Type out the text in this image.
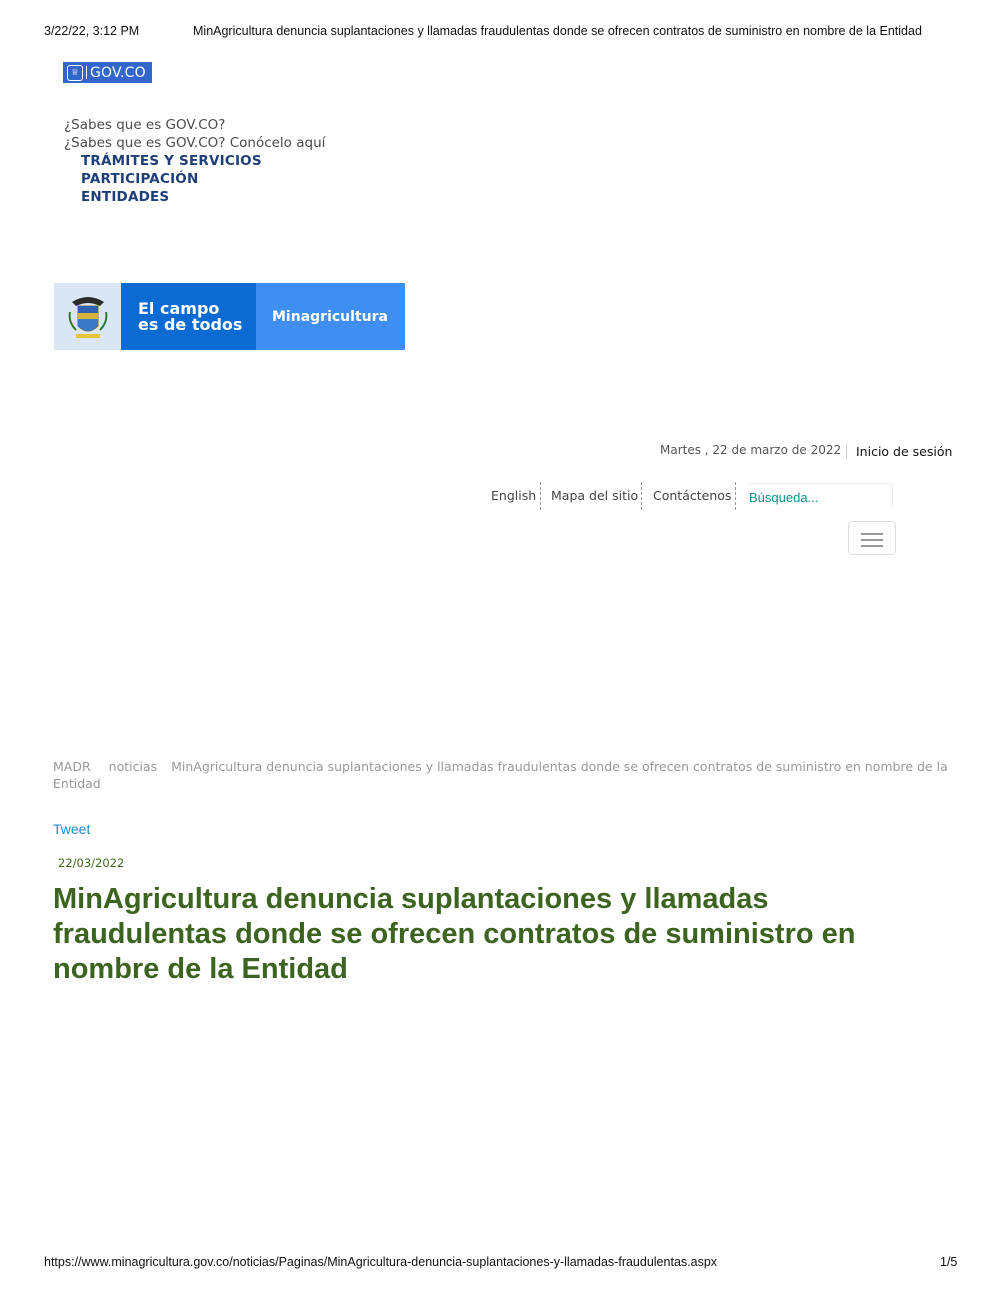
3/22/22, 3:12 PM	MinAgricultura denuncia suplantaciones y llamadas fraudulentas donde se ofrecen contratos de suministro en nombre de la Entidad
♕ GOV.CO
¿Sabes que es GOV.CO?
¿Sabes que es GOV.CO? Conócelo aquí
TRÁMITES Y SERVICIOS
PARTICIPACIÓN
ENTIDADES
El campo
es de todos	Minagricultura
Martes , 22 de marzo de 2022 Inicio de sesión
English Mapa del sitio Contáctenos Búsqueda...
MADR noticias MinAgricultura denuncia suplantaciones y llamadas fraudulentas donde se ofrecen contratos de suministro en nombre de la Entidad
Tweet
22/03/2022
MinAgricultura denuncia suplantaciones y llamadas fraudulentas donde se ofrecen contratos de suministro en nombre de la Entidad
https://www.minagricultura.gov.co/noticias/Paginas/MinAgricultura-denuncia-suplantaciones-y-llamadas-fraudulentas.aspx	1/5
